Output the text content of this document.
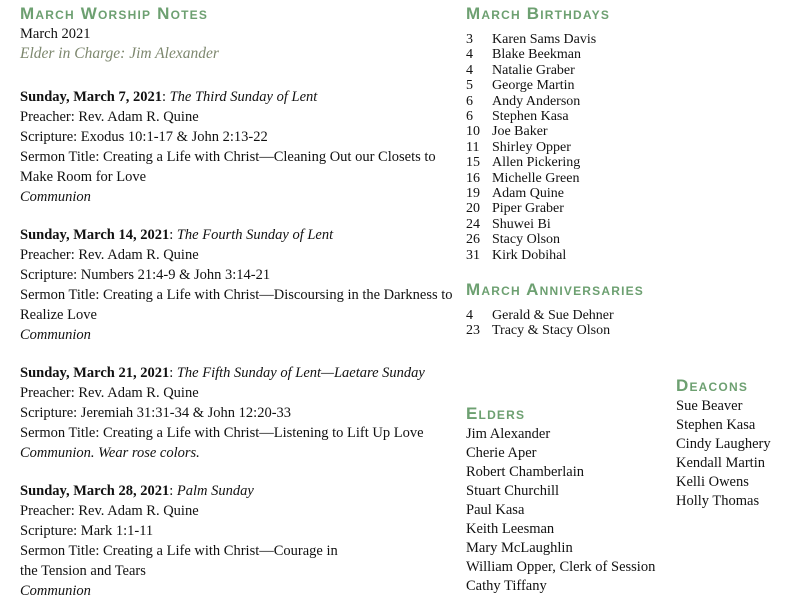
March Worship Notes
March 2021
Elder in Charge: Jim Alexander
Sunday, March 7, 2021: The Third Sunday of Lent
Preacher: Rev. Adam R. Quine
Scripture: Exodus 10:1-17 & John 2:13-22
Sermon Title: Creating a Life with Christ—Cleaning Out our Closets to
Make Room for Love
Communion
Sunday, March 14, 2021: The Fourth Sunday of Lent
Preacher: Rev. Adam R. Quine
Scripture: Numbers 21:4-9 & John 3:14-21
Sermon Title: Creating a Life with Christ—Discoursing in the Darkness to
Realize Love
Communion
Sunday, March 21, 2021: The Fifth Sunday of Lent—Laetare Sunday
Preacher: Rev. Adam R. Quine
Scripture: Jeremiah 31:31-34 & John 12:20-33
Sermon Title: Creating a Life with Christ—Listening to Lift Up Love
Communion. Wear rose colors.
Sunday, March 28, 2021: Palm Sunday
Preacher: Rev. Adam R. Quine
Scripture: Mark 1:1-11
Sermon Title: Creating a Life with Christ—Courage in
the Tension and Tears
Communion
March Birthdays
3	Karen Sams Davis
4	Blake Beekman
4	Natalie Graber
5	George Martin
6	Andy Anderson
6	Stephen Kasa
10 Joe Baker
11 Shirley Opper
15 Allen Pickering
16 Michelle Green
19 Adam Quine
20 Piper Graber
24 Shuwei Bi
26 Stacy Olson
31 Kirk Dobihal
March Anniversaries
4	Gerald & Sue Dehner
23 Tracy & Stacy Olson
Elders
Jim Alexander
Cherie Aper
Robert Chamberlain
Stuart Churchill
Paul Kasa
Keith Leesman
Mary McLaughlin
William Opper, Clerk of Session
Cathy Tiffany
Deacons
Sue Beaver
Stephen Kasa
Cindy Laughery
Kendall Martin
Kelli Owens
Holly Thomas
